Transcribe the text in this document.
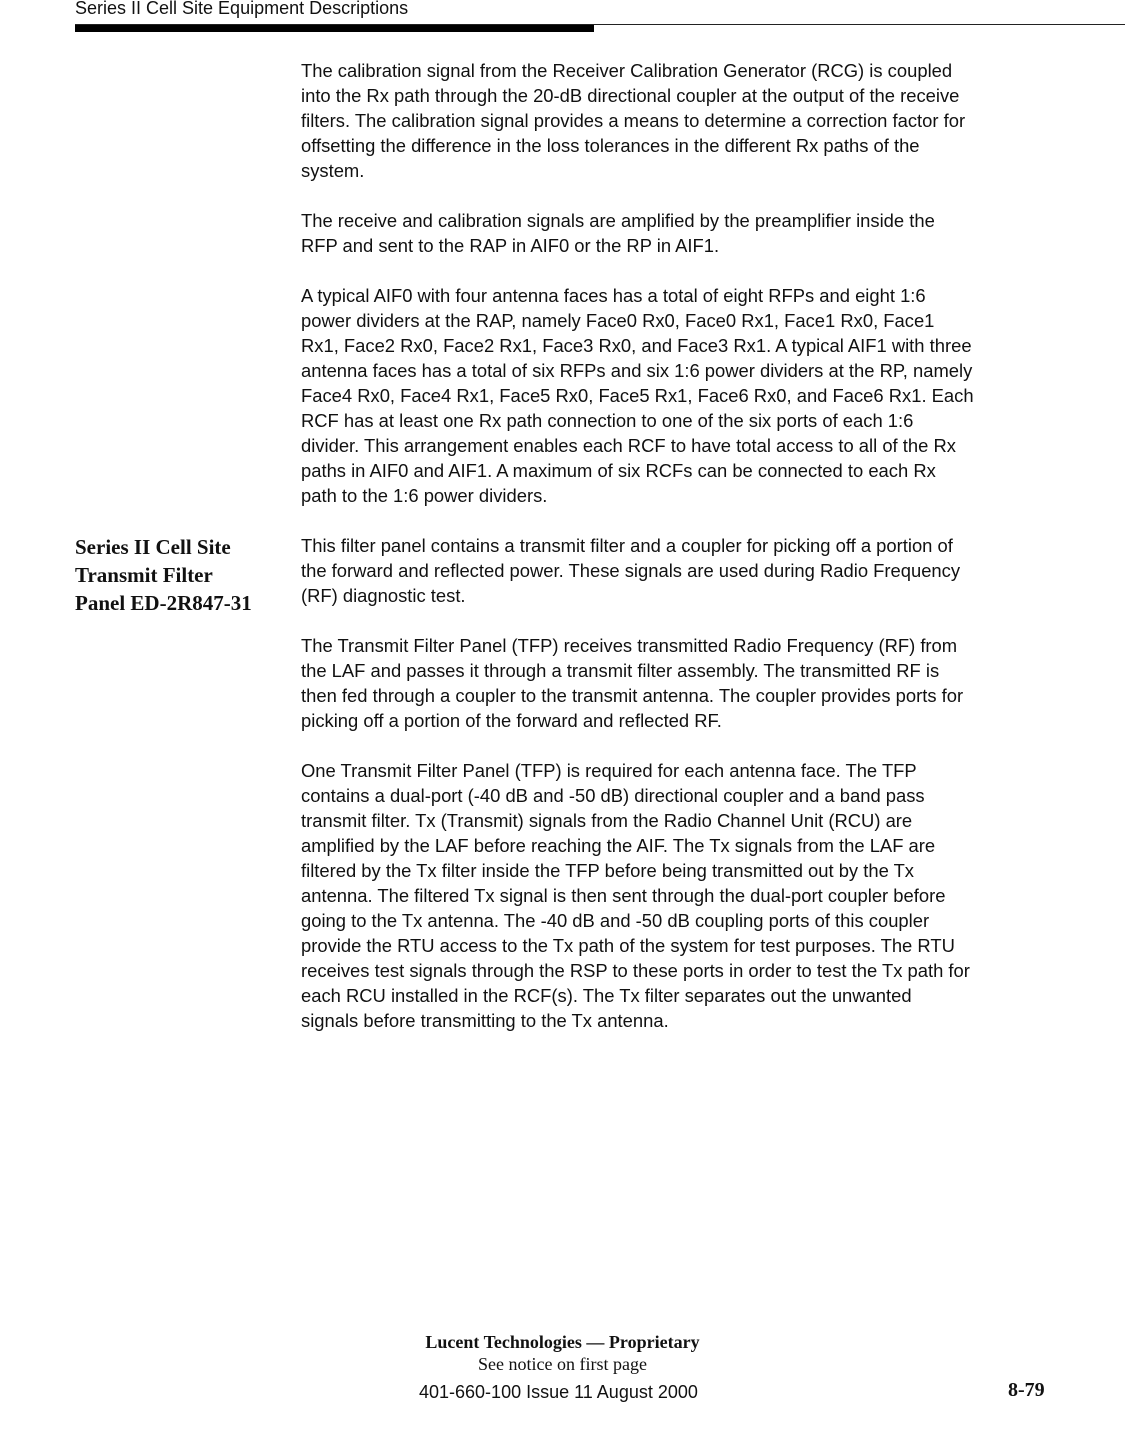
Series II Cell Site Equipment Descriptions

The calibration signal from the Receiver Calibration Generator (RCG) is coupled
into the Rx path through the 20-dB directional coupler at the output of the receive
filters. The calibration signal provides a means to determine a correction factor for
offsetting the difference in the loss tolerances in the different Rx paths of the
system.

The receive and calibration signals are amplified by the preamplifier inside the
RFP and sent to the RAP in AIF0 or the RP in AIF1.

A typical AIF0 with four antenna faces has a total of eight RFPs and eight 1:6
power dividers at the RAP, namely Face0 Rx0, Face0 Rx1, Face1 Rx0, Face1
Rx1, Face2 Rx0, Face2 Rx1, Face3 Rx0, and Face3 Rx1. A typical AIF1 with three
antenna faces has a total of six RFPs and six 1:6 power dividers at the RP, namely
Face4 Rx0, Face4 Rx1, Face5 Rx0, Face5 Rx1, Face6 Rx0, and Face6 Rx1. Each
RCF has at least one Rx path connection to one of the six ports of each 1:6
divider. This arrangement enables each RCF to have total access to all of the Rx
paths in AIF0 and AIF1. A maximum of six RCFs can be connected to each Rx
path to the 1:6 power dividers.

Series II Cell Site
Transmit Filter
Panel ED-2R847-31

This filter panel contains a transmit filter and a coupler for picking off a portion of
the forward and reflected power. These signals are used during Radio Frequency
(RF) diagnostic test.

The Transmit Filter Panel (TFP) receives transmitted Radio Frequency (RF) from
the LAF and passes it through a transmit filter assembly. The transmitted RF is
then fed through a coupler to the transmit antenna. The coupler provides ports for
picking off a portion of the forward and reflected RF.

One Transmit Filter Panel (TFP) is required for each antenna face. The TFP
contains a dual-port (-40 dB and -50 dB) directional coupler and a band pass
transmit filter. Tx (Transmit) signals from the Radio Channel Unit (RCU) are
amplified by the LAF before reaching the AIF. The Tx signals from the LAF are
filtered by the Tx filter inside the TFP before being transmitted out by the Tx
antenna. The filtered Tx signal is then sent through the dual-port coupler before
going to the Tx antenna. The -40 dB and -50 dB coupling ports of this coupler
provide the RTU access to the Tx path of the system for test purposes. The RTU
receives test signals through the RSP to these ports in order to test the Tx path for
each RCU installed in the RCF(s). The Tx filter separates out the unwanted
signals before transmitting to the Tx antenna.

Lucent Technologies — Proprietary
See notice on first page
401-660-100 Issue 11 August 2000	8-79
